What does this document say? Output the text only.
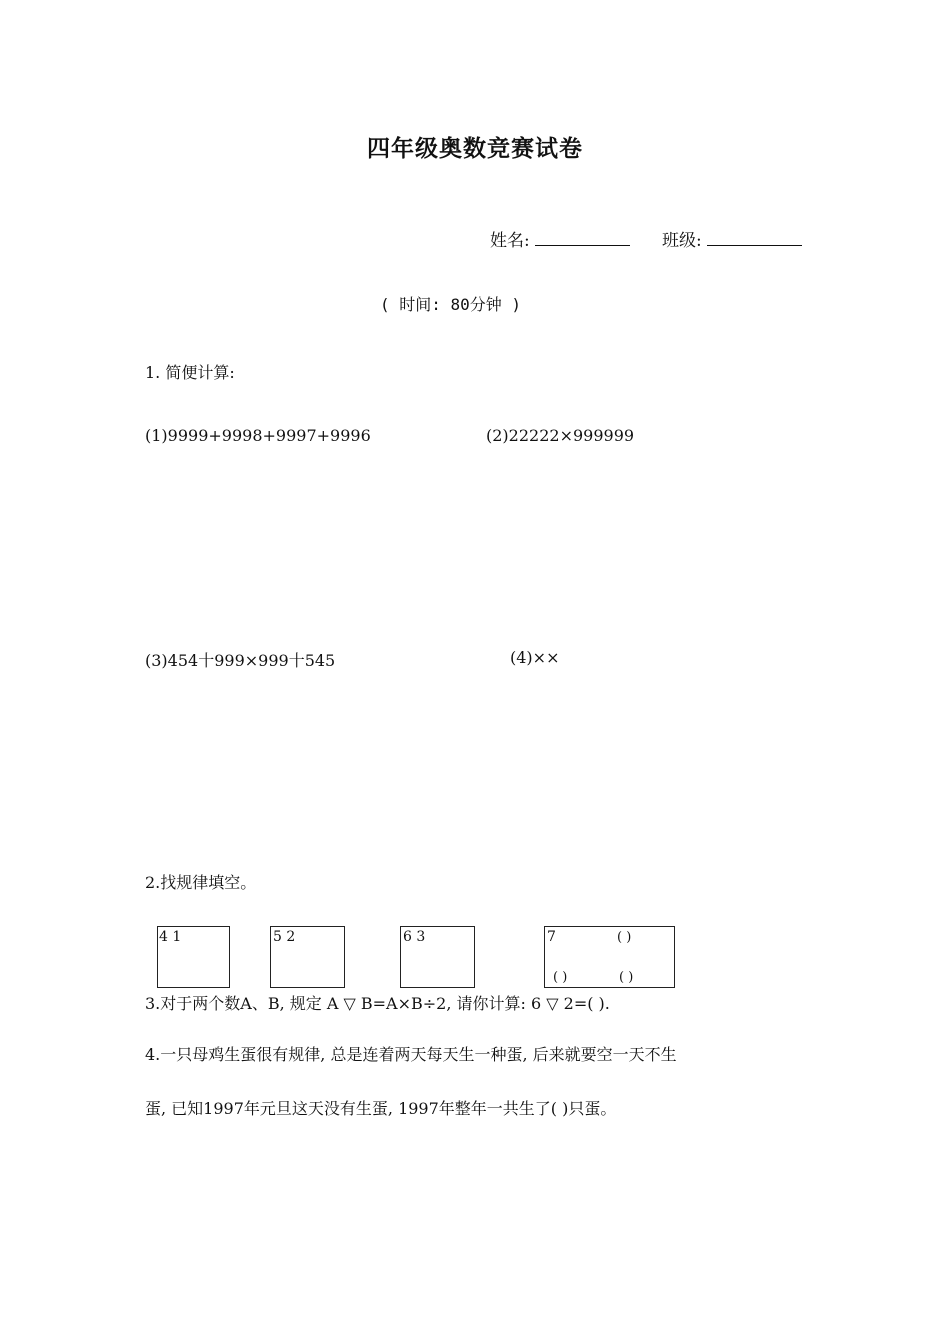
四年级奥数竞赛试卷
姓名:	班级:
( 时间: 80分钟 )
1. 简便计算:
(1)9999+9998+9997+9996	(2)22222×999999
(3)454十999×999十545	(4)××
2.找规律填空。
4 1	5 2	6 3	7	( )
( )	( )
3.对于两个数A、B, 规定 A ▽ B=A×B÷2, 请你计算: 6 ▽ 2=( ).
4.一只母鸡生蛋很有规律, 总是连着两天每天生一种蛋, 后来就要空一天不生
蛋, 已知1997年元旦这天没有生蛋, 1997年整年一共生了( )只蛋。
